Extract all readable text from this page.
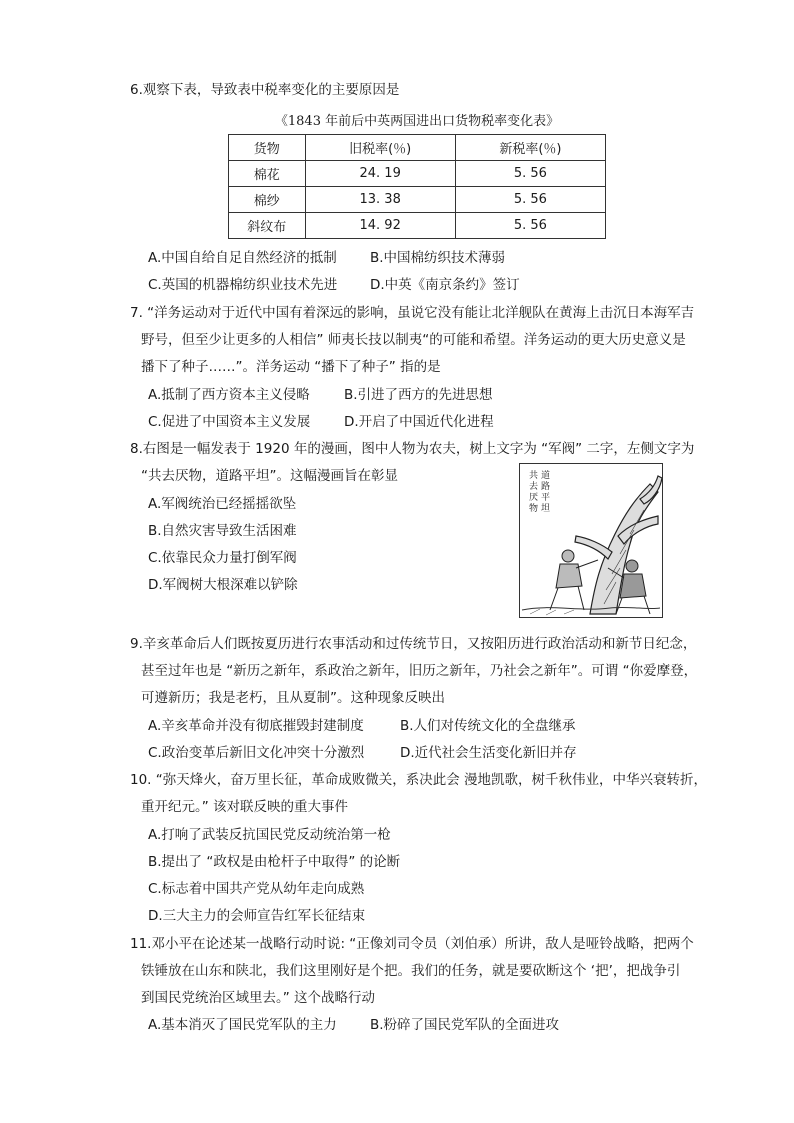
6.观察下表，导致表中税率变化的主要原因是
《1843 年前后中英两国进出口货物税率变化表》
货物	旧税率(％)	新税率(％)
棉花	24. 19	5. 56
棉纱	13. 38	5. 56
斜纹布	14. 92	5. 56
A.中国自给自足自然经济的抵制 B.中国棉纺织技术薄弱
C.英国的机器棉纺织业技术先进 D.中英《南京条约》签订
7. “洋务运动对于近代中国有着深远的影响，虽说它没有能让北洋舰队在黄海上击沉日本海军吉
野号，但至少让更多的人相信” 师夷长技以制夷“的可能和希望。洋务运动的更大历史意义是
播下了种子……”。洋务运动 “播下了种子” 指的是
A.抵制了西方资本主义侵略	B.引进了西方的先进思想
C.促进了中国资本主义发展	D.开启了中国近代化进程
8.右图是一幅发表于 1920 年的漫画，图中人物为农夫，树上文字为 “军阀” 二字，左侧文字为
“共去厌物，道路平坦”。这幅漫画旨在彰显
A.军阀统治已经摇摇欲坠
B.自然灾害导致生活困难
C.依靠民众力量打倒军阀
D.军阀树大根深难以铲除
共
去
厌
物
道
路
平
坦
9.辛亥革命后人们既按夏历进行农事活动和过传统节日，又按阳历进行政治活动和新节日纪念，
甚至过年也是 “新历之新年，系政治之新年，旧历之新年，乃社会之新年”。可谓 “你爱摩登，
可遵新历；我是老朽，且从夏制”。这种现象反映出
A.辛亥革命并没有彻底摧毁封建制度	B.人们对传统文化的全盘继承
C.政治变革后新旧文化冲突十分激烈	D.近代社会生活变化新旧并存
10. “弥天烽火，奋万里长征，革命成败微关，系决此会 漫地凯歌，树千秋伟业，中华兴衰转折，
重开纪元。” 该对联反映的重大事件
A.打响了武装反抗国民党反动统治第一枪
B.提出了 “政权是由枪杆子中取得” 的论断
C.标志着中国共产党从幼年走向成熟
D.三大主力的会师宣告红军长征结束
11.邓小平在论述某一战略行动时说: “正像刘司令员（刘伯承）所讲，敌人是哑铃战略，把两个
铁锤放在山东和陕北，我们这里刚好是个把。我们的任务，就是要砍断这个 ‘把’，把战争引
到国民党统治区域里去。” 这个战略行动
A.基本消灭了国民党军队的主力 B.粉碎了国民党军队的全面进攻
